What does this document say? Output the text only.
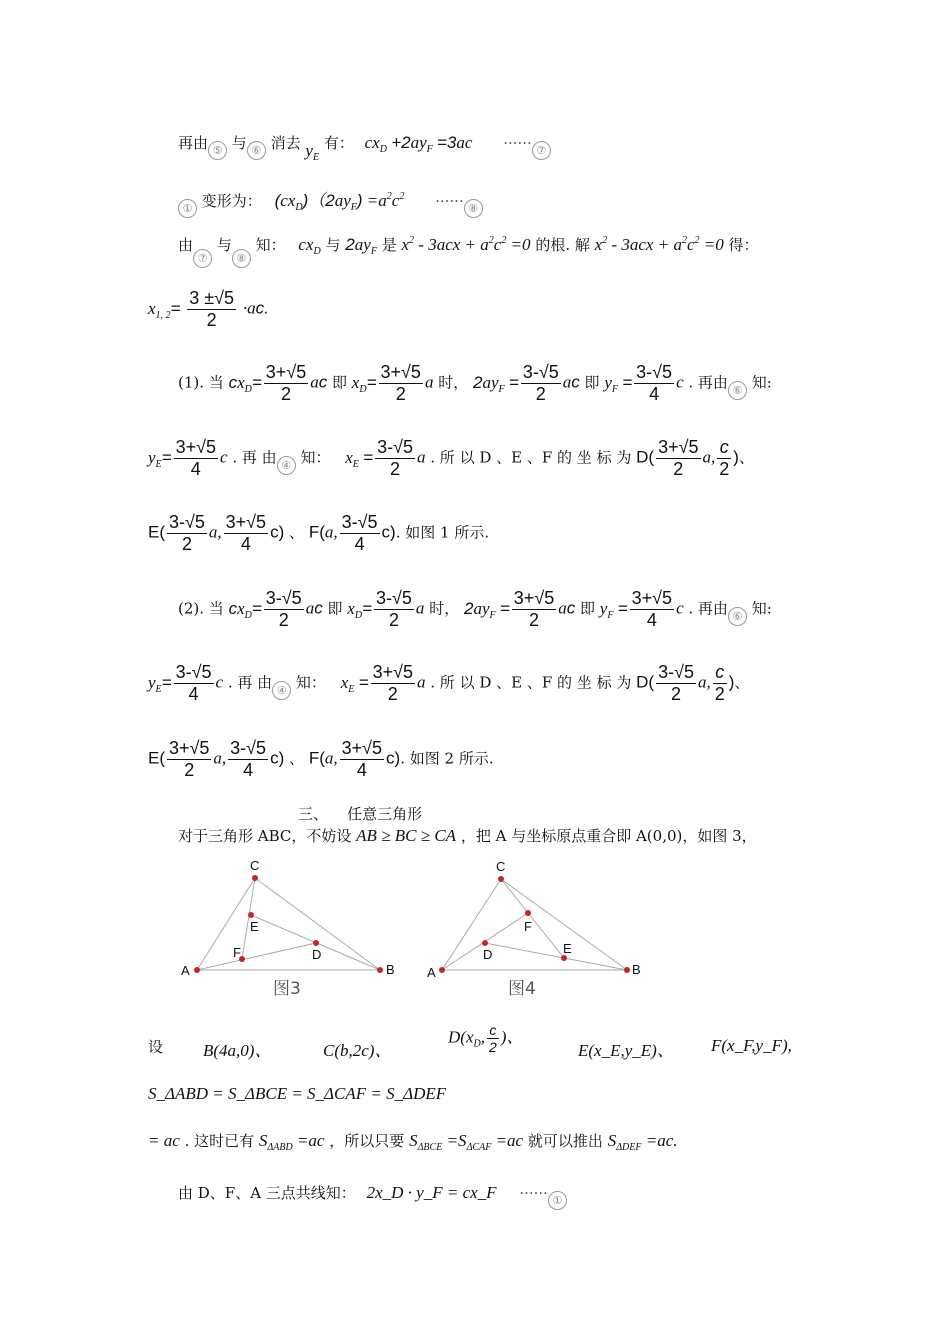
再由 ⑤ 与 ⑥ 消去 $y_E$ 有： $cx_D +2ay_F =3ac$ ······ ⑦
① 变形为： $(cx_D)(2ay_F) =a^2c^2$ ······ ⑧
由⑦ 与⑧ 知： $cx_D$ 与 $2ay_F$ 是 $x^2 - 3acx + a^2c^2 =0$ 的根. 解 $x^2 - 3acx + a^2c^2 =0$ 得：
$x_{1, 2}= \frac{3 \pm√5}{2} \cdot ac$.
(1). 当 $cx_D= \frac{3+√5}{2}$ ac 即 $x_D= \frac{3+√5}{2}$ a 时， $2ay_F = \frac{3-√5}{2}$ ac 即 $y_F = \frac{3-√5}{4}$ c . 再由 ⑥ 知:
$y_E= \frac{3+√5}{4}$ c . 再 由 ④ 知： $x_E = \frac{3-√5}{2}$ a . 所 以 D 、E 、F 的 坐 标 为 $D( \frac{3+√5}{2} a$, $\frac{c}{2}$ )、
$E( \frac{3-√5}{2} a$, $\frac{3+√5}{4} c$) 、 F(a, $\frac{3-√5}{4} c$). 如图 1 所示.
(2). 当 $cx_D= \frac{3-√5}{2}$ ac 即 $x_D= \frac{3-√5}{2}$ a 时， $2ay_F = \frac{3+√5}{2}$ ac 即 $y_F = \frac{3+√5}{4}$ c . 再由 ⑥ 知:
$y_E= \frac{3-√5}{4}$ c . 再 由 ④ 知： $x_E = \frac{3+√5}{2}$ a . 所 以 D 、E 、F 的 坐 标 为 $D( \frac{3-√5}{2} a$, $\frac{c}{2}$ )、
$E( \frac{3+√5}{2} a$, $\frac{3-√5}{4} c$) 、 F(a, $\frac{3+√5}{4} c$). 如图 2 所示.
三、    任意三角形
对于三角形 ABC，不妨设 AB ≥ BC ≥ CA ，把 A 与坐标原点重合即 A(0,0)，如图 3，
C
E
F	D
A	B
图3
C
F
D	E
A	B
图4
设 B(4a,0)、	C(b,2c)、
$D(x_D$, $\frac{c}{2}$ )、
E(x_E,y_E)、 F(x_F,y_F),
S_ΔABD = S_ΔBCE = S_ΔCAF = S_ΔDEF
= ac . 这时已有 $S_{\Delta ABD} =ac$ ，所以只要 $S_{\Delta BCE} =S_{\Delta CAF} =ac$ 就可以推出 $S_{\Delta DEF} =ac$.
由 D、F、A 三点共线知： 2x_D · y_F = cx_F ······ ①
